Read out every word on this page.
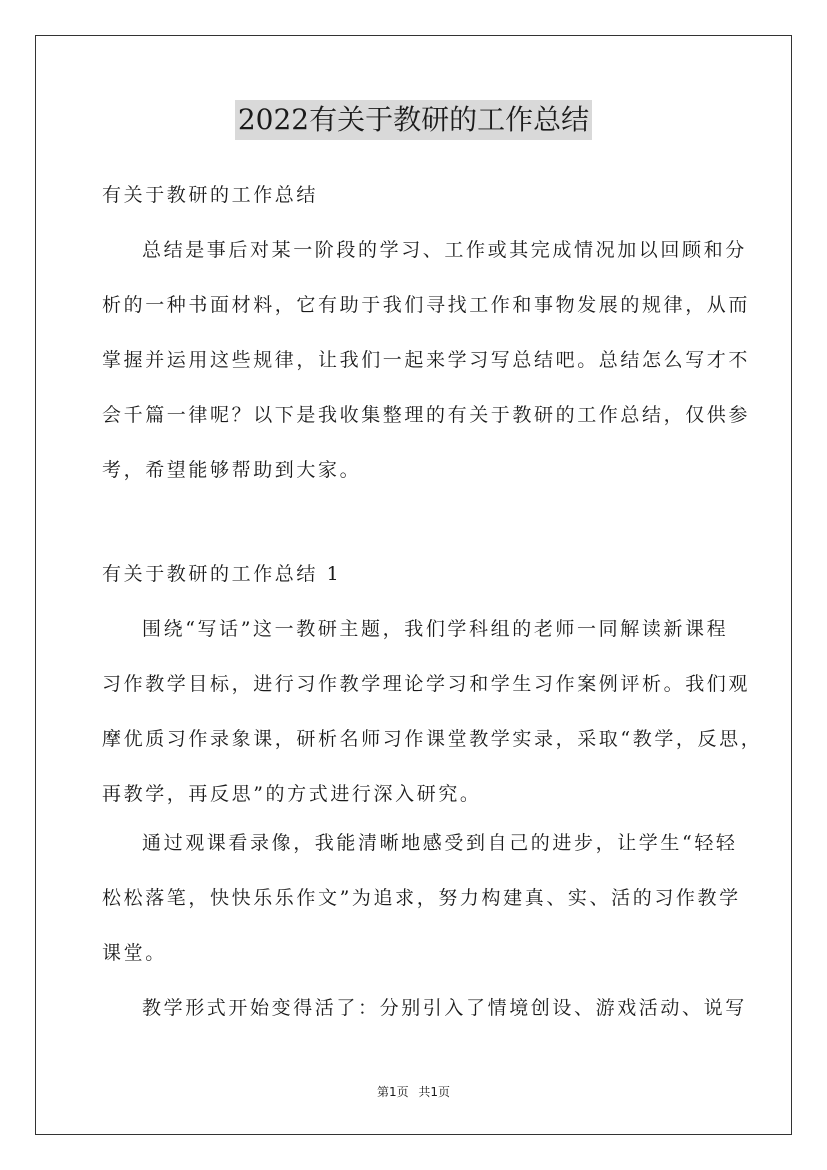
2022有关于教研的工作总结
有关于教研的工作总结
总结是事后对某一阶段的学习、工作或其完成情况加以回顾和分
析的一种书面材料，它有助于我们寻找工作和事物发展的规律，从而
掌握并运用这些规律，让我们一起来学习写总结吧。总结怎么写才不
会千篇一律呢？以下是我收集整理的有关于教研的工作总结，仅供参
考，希望能够帮助到大家。
有关于教研的工作总结 1
围绕“写话”这一教研主题，我们学科组的老师一同解读新课程
习作教学目标，进行习作教学理论学习和学生习作案例评析。我们观
摩优质习作录象课，研析名师习作课堂教学实录，采取“教学，反思，
再教学，再反思”的方式进行深入研究。
通过观课看录像，我能清晰地感受到自己的进步，让学生“轻轻
松松落笔，快快乐乐作文”为追求，努力构建真、实、活的习作教学
课堂。
教学形式开始变得活了：分别引入了情境创设、游戏活动、说写
第1页 共1页
